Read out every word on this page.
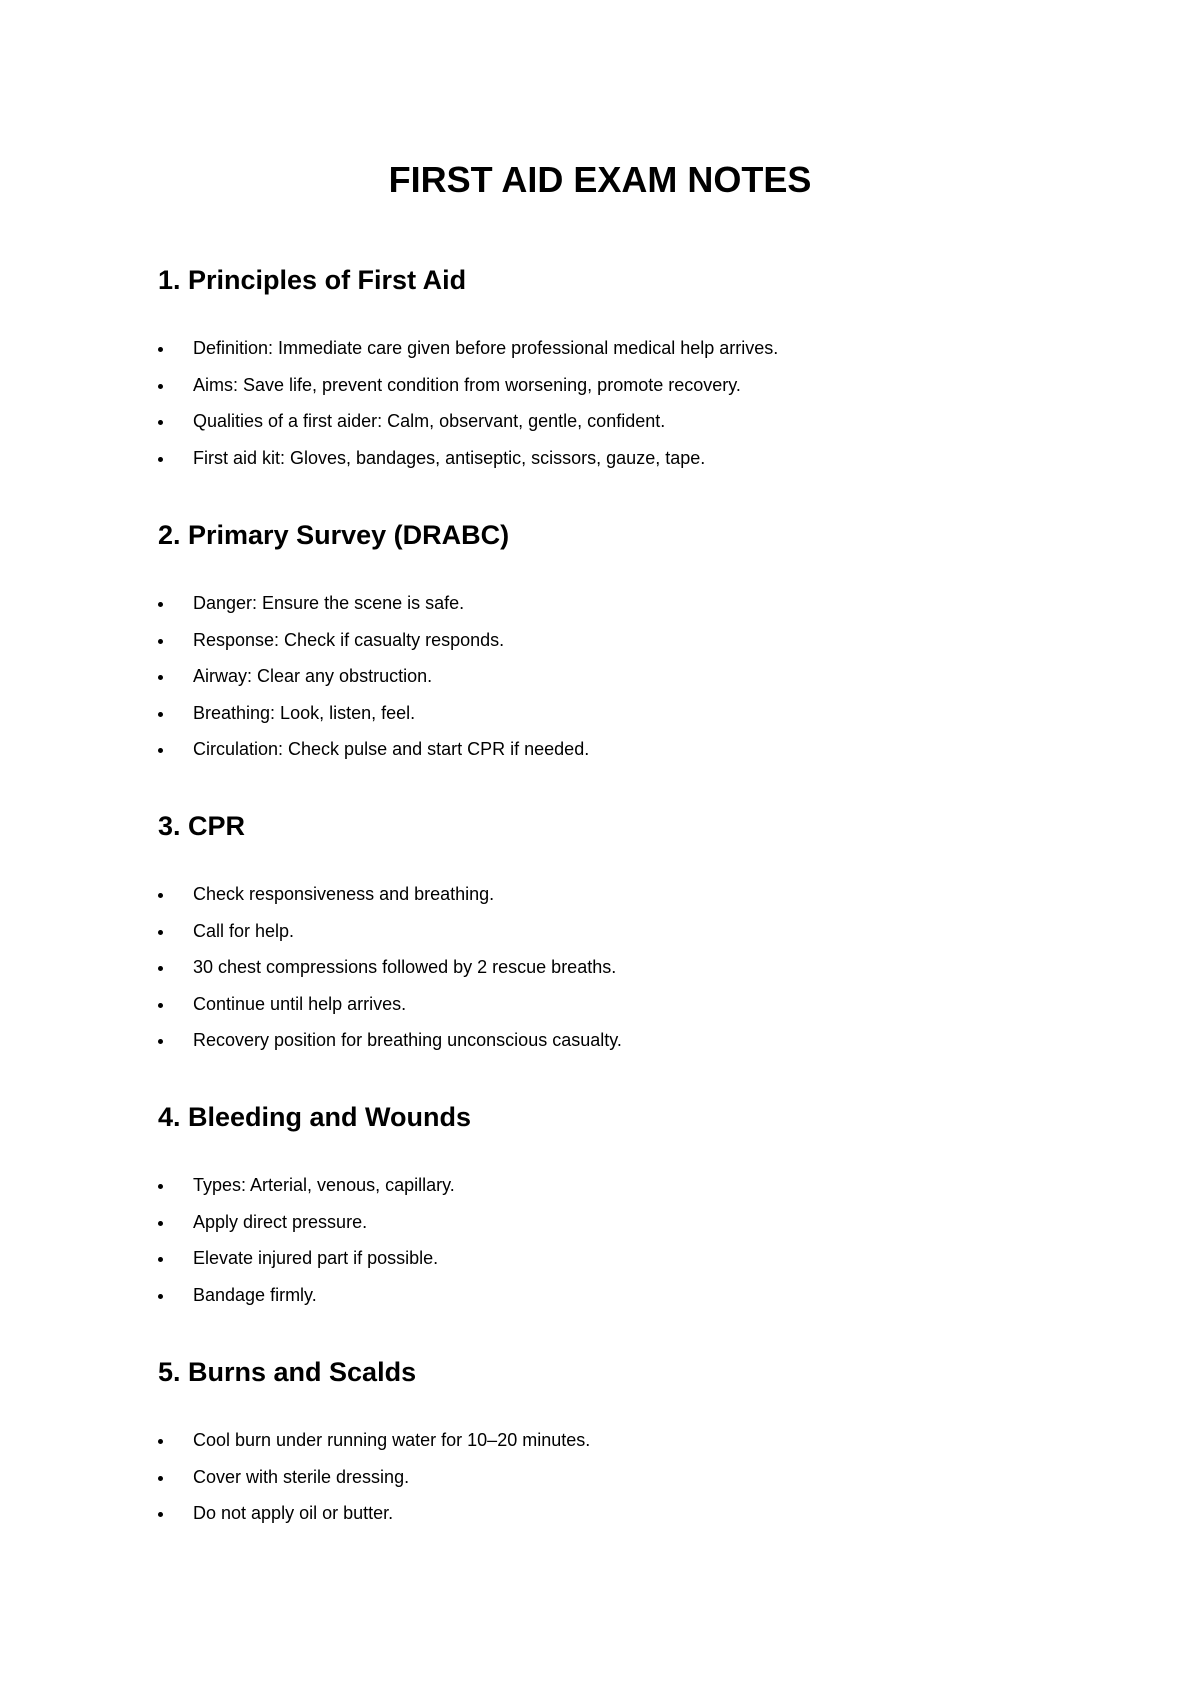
FIRST AID EXAM NOTES
1. Principles of First Aid
Definition: Immediate care given before professional medical help arrives.
Aims: Save life, prevent condition from worsening, promote recovery.
Qualities of a first aider: Calm, observant, gentle, confident.
First aid kit: Gloves, bandages, antiseptic, scissors, gauze, tape.
2. Primary Survey (DRABC)
Danger: Ensure the scene is safe.
Response: Check if casualty responds.
Airway: Clear any obstruction.
Breathing: Look, listen, feel.
Circulation: Check pulse and start CPR if needed.
3. CPR
Check responsiveness and breathing.
Call for help.
30 chest compressions followed by 2 rescue breaths.
Continue until help arrives.
Recovery position for breathing unconscious casualty.
4. Bleeding and Wounds
Types: Arterial, venous, capillary.
Apply direct pressure.
Elevate injured part if possible.
Bandage firmly.
5. Burns and Scalds
Cool burn under running water for 10–20 minutes.
Cover with sterile dressing.
Do not apply oil or butter.
